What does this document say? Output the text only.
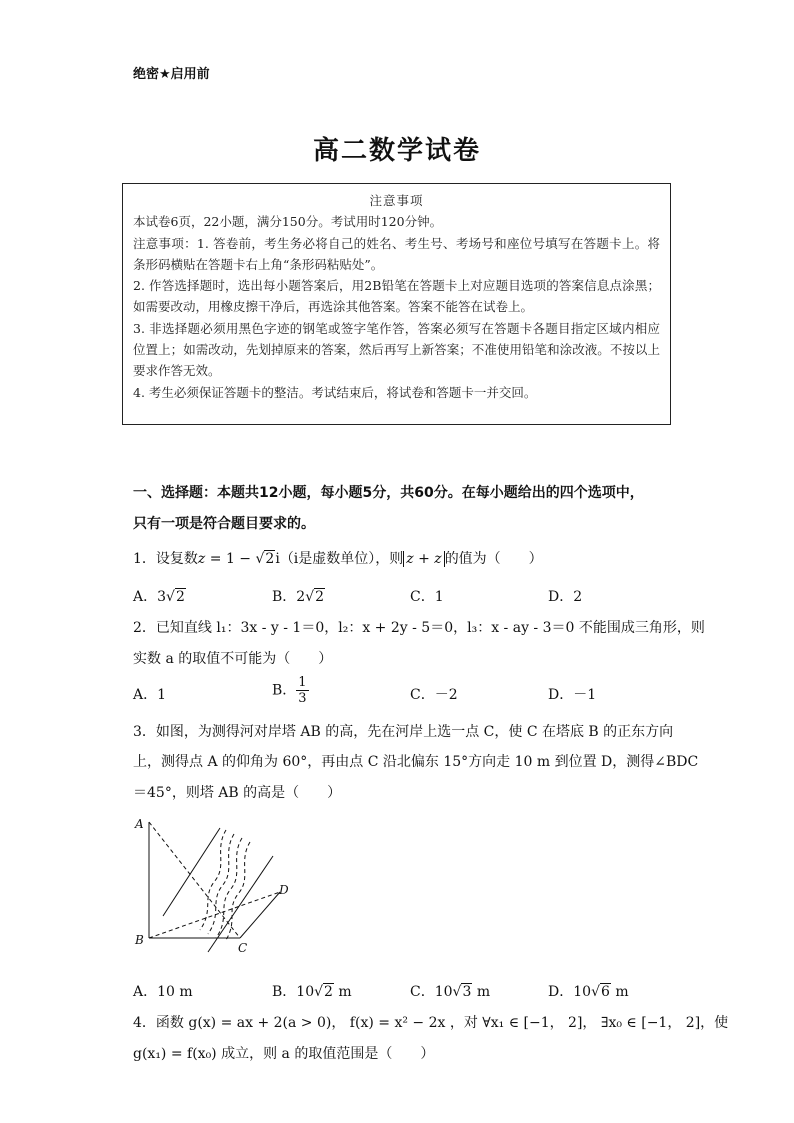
绝密★启用前
高二数学试卷
注意事项

本试卷6页，22小题，满分150分。考试用时120分钟。

注意事项：1. 答卷前，考生务必将自己的姓名、考生号、考场号和座位号填写在答题卡上。将条形码横贴在答题卡右上角“条形码粘贴处”。

2. 作答选择题时，选出每小题答案后，用2B铅笔在答题卡上对应题目选项的答案信息点涂黑；如需要改动，用橡皮擦干净后，再选涂其他答案。答案不能答在试卷上。

3. 非选择题必须用黑色字迹的钢笔或签字笔作答，答案必须写在答题卡各题目指定区域内相应位置上；如需改动，先划掉原来的答案，然后再写上新答案；不准使用铅笔和涂改液。不按以上要求作答无效。

4. 考生必须保证答题卡的整洁。考试结束后，将试卷和答题卡一并交回。

一、选择题：本题共12小题，每小题5分，共60分。在每小题给出的四个选项中，
只有一项是符合题目要求的。
1．设复数z = 1 − √2i（i是虚数单位），则 z + z 的值为（　　）
A．3√2	B．2√2	C．1	D．2
2．已知直线 l₁：3x - y - 1＝0，l₂：x + 2y - 5＝0，l₃：x - ay - 3＝0 不能围成三角形，则
实数 a 的取值不可能为（　　）
A．1	B． $\frac{1}{3}$	C．－2	D．－1
3．如图，为测得河对岸塔 AB 的高，先在河岸上选一点 C，使 C 在塔底 B 的正东方向
上，测得点 A 的仰角为 60°，再由点 C 沿北偏东 15°方向走 10 m 到位置 D，测得∠BDC
＝45°，则塔 AB 的高是（　　）
A
B
C
D
A．10 m	B．10√2 m	C．10√3 m	D．10√6 m
4．函数 g(x) = ax + 2(a > 0)， f(x) = x² − 2x ，对 ∀x₁ ∈ [−1， 2]， ∃x₀ ∈ [−1， 2]，使
g(x₁) = f(x₀) 成立，则 a 的取值范围是（　　）
